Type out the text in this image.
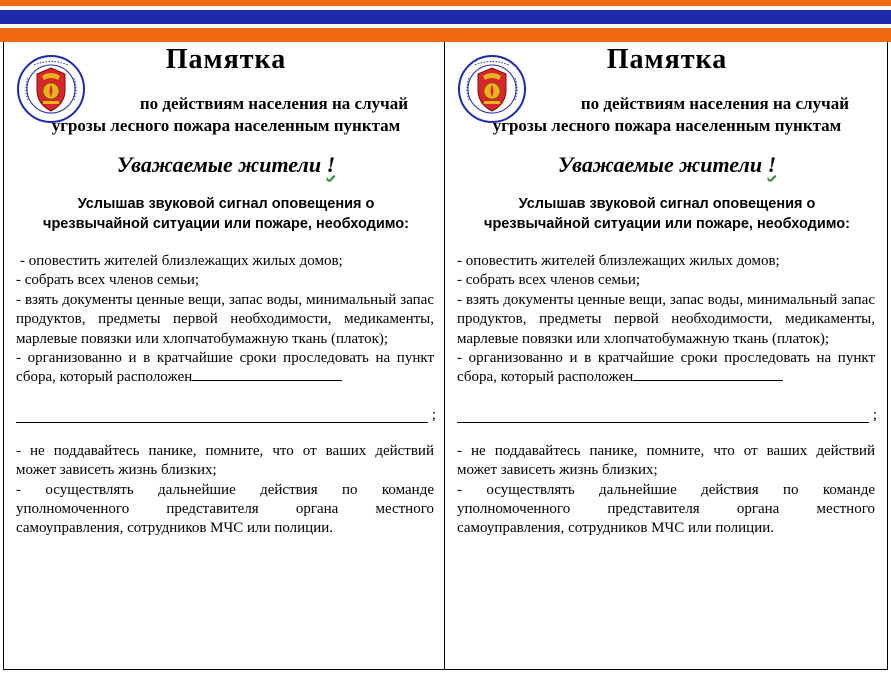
Памятка
по действиям населения на случай
угрозы лесного пожара населенным пунктам
Уважаемые жители !
Услышав звуковой сигнал оповещения о
чрезвычайной ситуации или пожаре, необходимо:

- оповестить жителей близлежащих жилых домов;

- собрать всех членов семьи;

- взять документы ценные вещи, запас воды, минимальный запас продуктов, предметы первой необходимости, медикаменты, марлевые повязки или хлопчатобумажную ткань (платок);

- организованно и в кратчайшие сроки проследовать на пункт сбора, который расположен

;

- не поддавайтесь панике, помните, что от ваших действий может зависеть жизнь близких;

- осуществлять дальнейшие действия по команде уполномоченного представителя органа местного самоуправления, сотрудников МЧС или полиции.

Памятка
по действиям населения на случай
угрозы лесного пожара населенным пунктам
Уважаемые жители !
Услышав звуковой сигнал оповещения о
чрезвычайной ситуации или пожаре, необходимо:

- оповестить жителей близлежащих жилых домов;

- собрать всех членов семьи;

- взять документы ценные вещи, запас воды, минимальный запас продуктов, предметы первой необходимости, медикаменты, марлевые повязки или хлопчатобумажную ткань (платок);

- организованно и в кратчайшие сроки проследовать на пункт сбора, который расположен

;

- не поддавайтесь панике, помните, что от ваших действий может зависеть жизнь близких;

- осуществлять дальнейшие действия по команде уполномоченного представителя органа местного самоуправления, сотрудников МЧС или полиции.
